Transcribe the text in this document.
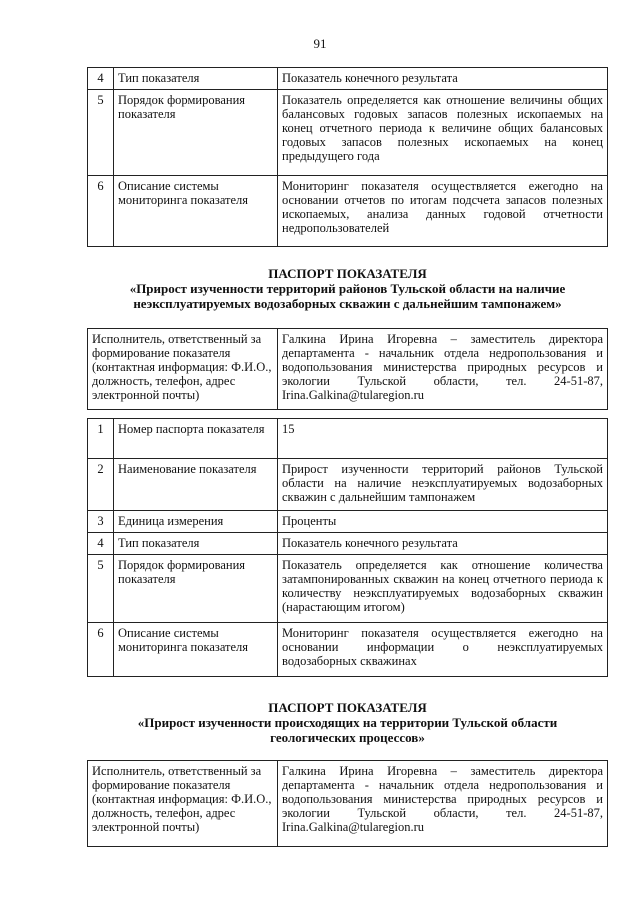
91
4	Тип показателя	Показатель конечного результата
5	Порядок формирования показателя	Показатель определяется как отношение величины общих балансовых годовых запасов полезных ископаемых на конец отчетного периода к величине общих балансовых годовых запасов полезных ископаемых на конец предыдущего года
6	Описание системы мониторинга показателя	Мониторинг показателя осуществляется ежегодно на основании отчетов по итогам подсчета запасов полезных ископаемых, анализа данных годовой отчетности недропользователей
ПАСПОРТ ПОКАЗАТЕЛЯ
«Прирост изученности территорий районов Тульской области на наличие
неэксплуатируемых водозаборных скважин с дальнейшим тампонажем»
Исполнитель, ответственный за формирование показателя (контактная информация: Ф.И.О., должность, телефон, адрес электронной почты)	Галкина Ирина Игоревна – заместитель директора департамента - начальник отдела недропользования и водопользования министерства природных ресурсов и экологии Тульской области, тел. 24-51-87, Irina.Galkina@tularegion.ru
1	Номер паспорта показателя	15
2	Наименование показателя	Прирост изученности территорий районов Тульской области на наличие неэксплуатируемых водозаборных скважин с дальнейшим тампонажем
3	Единица измерения	Проценты
4	Тип показателя	Показатель конечного результата
5	Порядок формирования показателя	Показатель определяется как отношение количества затампонированных скважин на конец отчетного периода к количеству неэксплуатируемых водозаборных скважин (нарастающим итогом)
6	Описание системы мониторинга показателя	Мониторинг показателя осуществляется ежегодно на основании информации о неэксплуатируемых водозаборных скважинах
ПАСПОРТ ПОКАЗАТЕЛЯ
«Прирост изученности происходящих на территории Тульской области
геологических процессов»
Исполнитель, ответственный за формирование показателя (контактная информация: Ф.И.О., должность, телефон, адрес электронной почты)	Галкина Ирина Игоревна – заместитель директора департамента - начальник отдела недропользования и водопользования министерства природных ресурсов и экологии Тульской области, тел. 24-51-87, Irina.Galkina@tularegion.ru
